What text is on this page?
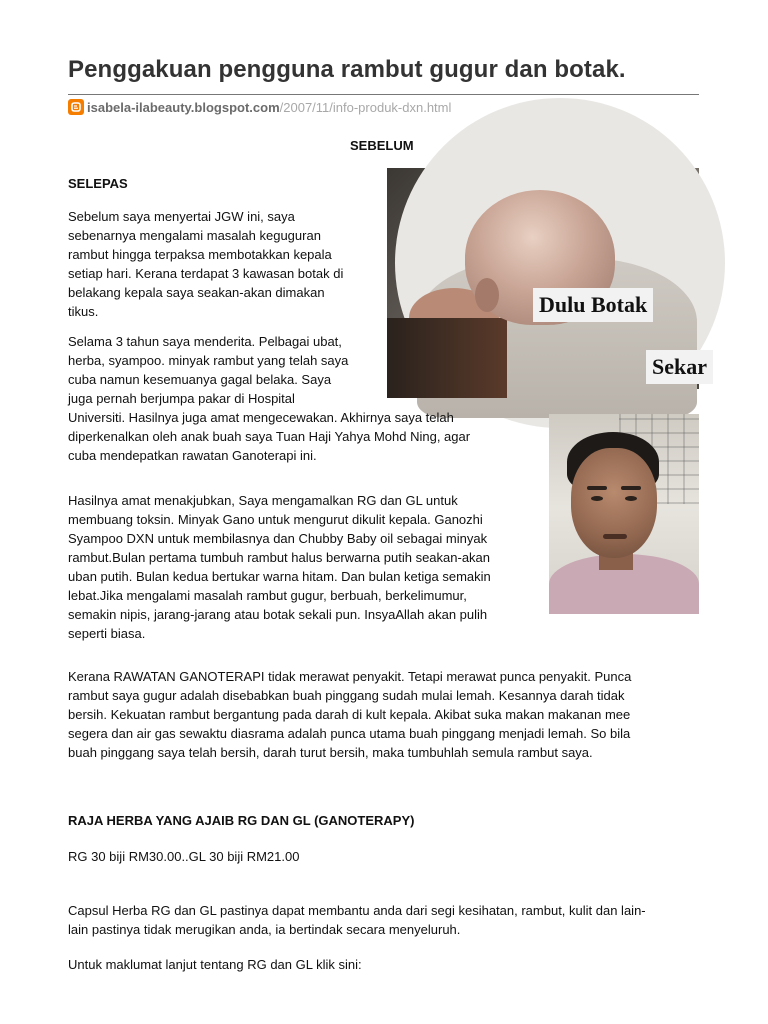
Penggakuan pengguna rambut gugur dan botak.
isabela-ilabeauty.blogspot.com/2007/11/info-produk-dxn.html
SEBELUM
Dulu Botak
Sekar
SELEPAS
Sebelum saya menyertai JGW ini, saya
sebenarnya mengalami masalah keguguran
rambut hingga terpaksa membotakkan kepala
setiap hari. Kerana terdapat 3 kawasan botak di
belakang kepala saya seakan-akan dimakan
tikus.
Selama 3 tahun saya menderita. Pelbagai ubat,
herba, syampoo. minyak rambut yang telah saya
cuba namun kesemuanya gagal belaka. Saya
juga pernah berjumpa pakar di Hospital
Universiti. Hasilnya juga amat mengecewakan. Akhirnya saya telah
diperkenalkan oleh anak buah saya Tuan Haji Yahya Mohd Ning, agar
cuba mendepatkan rawatan Ganoterapi ini.
Hasilnya amat menakjubkan, Saya mengamalkan RG dan GL untuk
membuang toksin. Minyak Gano untuk mengurut dikulit kepala. Ganozhi
Syampoo DXN untuk membilasnya dan Chubby Baby oil sebagai minyak
rambut.Bulan pertama tumbuh rambut halus berwarna putih seakan-akan
uban putih. Bulan kedua bertukar warna hitam. Dan bulan ketiga semakin
lebat.Jika mengalami masalah rambut gugur, berbuah, berkelimumur,
semakin nipis, jarang-jarang atau botak sekali pun. InsyaAllah akan pulih
seperti biasa.
Kerana RAWATAN GANOTERAPI tidak merawat penyakit. Tetapi merawat punca penyakit. Punca
rambut saya gugur adalah disebabkan buah pinggang sudah mulai lemah. Kesannya darah tidak
bersih. Kekuatan rambut bergantung pada darah di kult kepala. Akibat suka makan makanan mee
segera dan air gas sewaktu diasrama adalah punca utama buah pinggang menjadi lemah. So bila
buah pinggang saya telah bersih, darah turut bersih, maka tumbuhlah semula rambut saya.
RAJA HERBA YANG AJAIB RG DAN GL (GANOTERAPY)
RG 30 biji RM30.00..GL 30 biji RM21.00
Capsul Herba RG dan GL pastinya dapat membantu anda dari segi kesihatan, rambut, kulit dan lain-
lain pastinya tidak merugikan anda, ia bertindak secara menyeluruh.
Untuk maklumat lanjut tentang RG dan GL klik sini:
